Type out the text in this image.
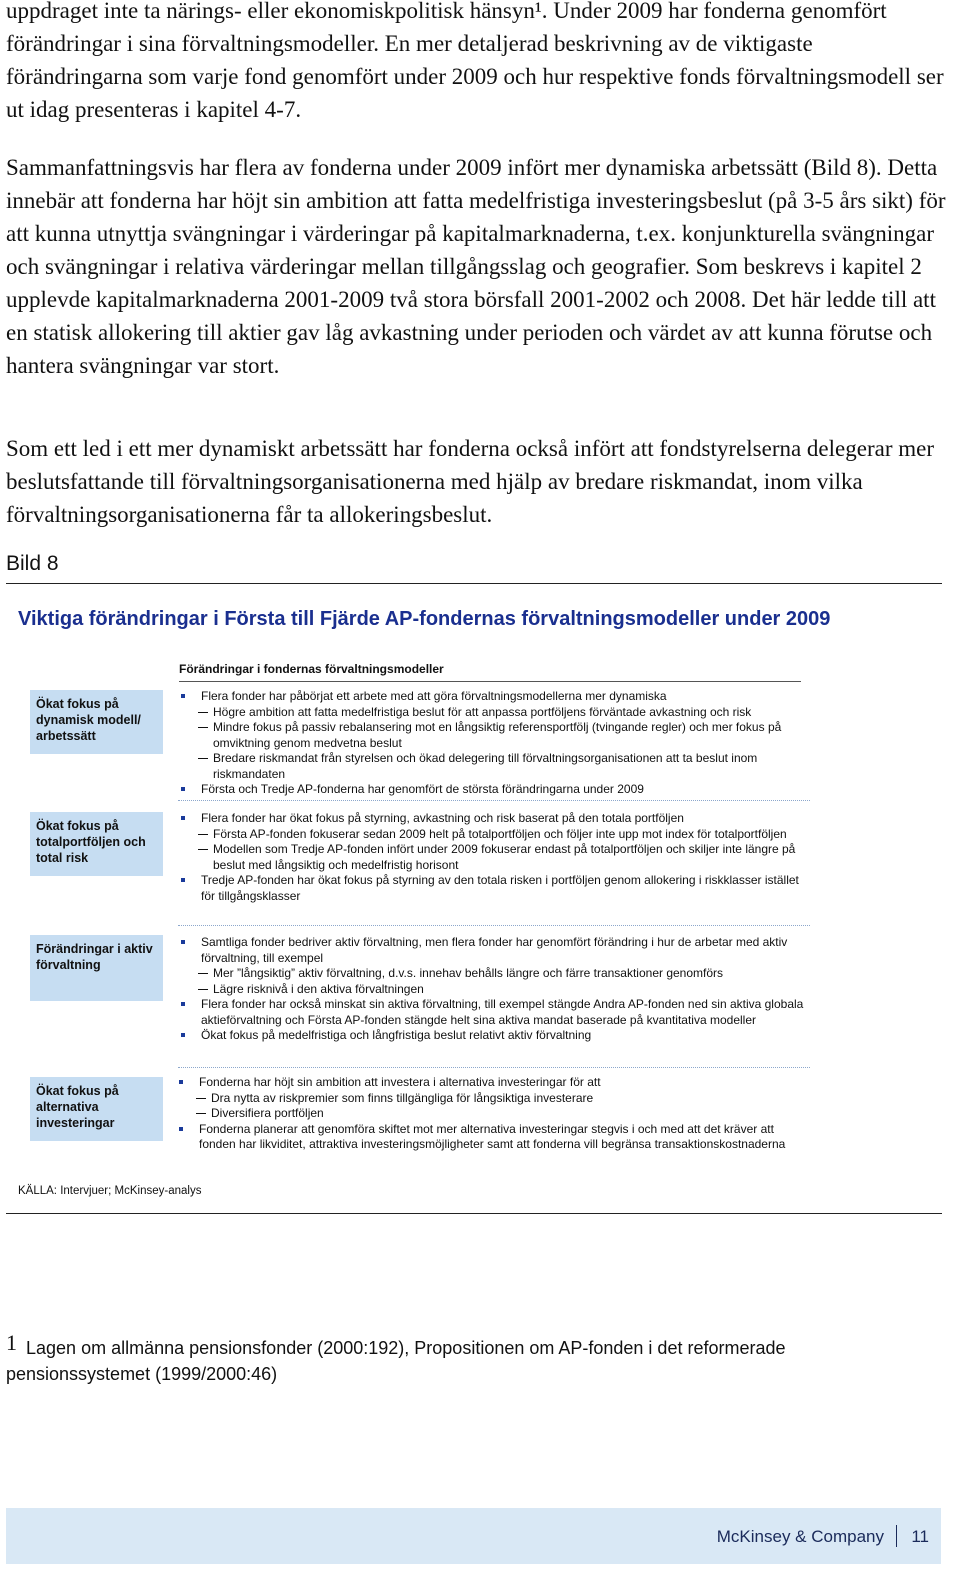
uppdraget inte ta närings- eller ekonomiskpolitisk hänsyn¹. Under 2009 har fonderna genomfört förändringar i sina förvaltningsmodeller. En mer detaljerad beskrivning av de viktigaste förändringarna som varje fond genomfört under 2009 och hur respektive fonds förvaltningsmodell ser ut idag presenteras i kapitel 4-7.

Sammanfattningsvis har flera av fonderna under 2009 infört mer dynamiska arbetssätt (Bild 8). Detta innebär att fonderna har höjt sin ambition att fatta medelfristiga investeringsbeslut (på 3-5 års sikt) för att kunna utnyttja svängningar i värderingar på kapitalmarknaderna, t.ex. konjunkturella svängningar och svängningar i relativa värderingar mellan tillgångsslag och geografier. Som beskrevs i kapitel 2 upplevde kapitalmarknaderna 2001-2009 två stora börsfall 2001-2002 och 2008. Det här ledde till att en statisk allokering till aktier gav låg avkastning under perioden och värdet av att kunna förutse och hantera svängningar var stort.

Som ett led i ett mer dynamiskt arbetssätt har fonderna också infört att fondstyrelserna delegerar mer beslutsfattande till förvaltningsorganisationerna med hjälp av bredare riskmandat, inom vilka förvaltningsorganisationerna får ta allokeringsbeslut.

Bild 8
Viktiga förändringar i Första till Fjärde AP-fondernas förvaltningsmodeller under 2009
Förändringar i fondernas förvaltningsmodeller
Ökat fokus på dynamisk modell/ arbetssätt
Ökat fokus på totalportföljen och total risk
Förändringar i aktiv förvaltning
Ökat fokus på alternativa investeringar
Flera fonder har påbörjat ett arbete med att göra förvaltningsmodellerna mer dynamiska
Högre ambition att fatta medelfristiga beslut för att anpassa portföljens förväntade avkastning och risk
Mindre fokus på passiv rebalansering mot en långsiktig referensportfölj (tvingande regler) och mer fokus på omviktning genom medvetna beslut
Bredare riskmandat från styrelsen och ökad delegering till förvaltningsorganisationen att ta beslut inom riskmandaten
Första och Tredje AP-fonderna har genomfört de största förändringarna under 2009
Flera fonder har ökat fokus på styrning, avkastning och risk baserat på den totala portföljen
Första AP-fonden fokuserar sedan 2009 helt på totalportföljen och följer inte upp mot index för totalportföljen
Modellen som Tredje AP-fonden infört under 2009 fokuserar endast på totalportföljen och skiljer inte längre på beslut med långsiktig och medelfristig horisont
Tredje AP-fonden har ökat fokus på styrning av den totala risken i portföljen genom allokering i riskklasser istället för tillgångsklasser
Samtliga fonder bedriver aktiv förvaltning, men flera fonder har genomfört förändring i hur de arbetar med aktiv förvaltning, till exempel
Mer ”långsiktig” aktiv förvaltning, d.v.s. innehav behålls längre och färre transaktioner genomförs
Lägre risknivå i den aktiva förvaltningen
Flera fonder har också minskat sin aktiva förvaltning, till exempel stängde Andra AP-fonden ned sin aktiva globala aktieförvaltning och Första AP-fonden stängde helt sina aktiva mandat baserade på kvantitativa modeller
Ökat fokus på medelfristiga och långfristiga beslut relativt aktiv förvaltning
Fonderna har höjt sin ambition att investera i alternativa investeringar för att
Dra nytta av riskpremier som finns tillgängliga för långsiktiga investerare
Diversifiera portföljen
Fonderna planerar att genomföra skiftet mot mer alternativa investeringar stegvis i och med att det kräver att fonden har likviditet, attraktiva investeringsmöjligheter samt att fonderna vill begränsa transaktionskostnaderna
KÄLLA: Intervjuer; McKinsey-analys
1 Lagen om allmänna pensionsfonder (2000:192), Propositionen om AP-fonden i det reformerade pensionssystemet (1999/2000:46)
McKinsey & Company 11
